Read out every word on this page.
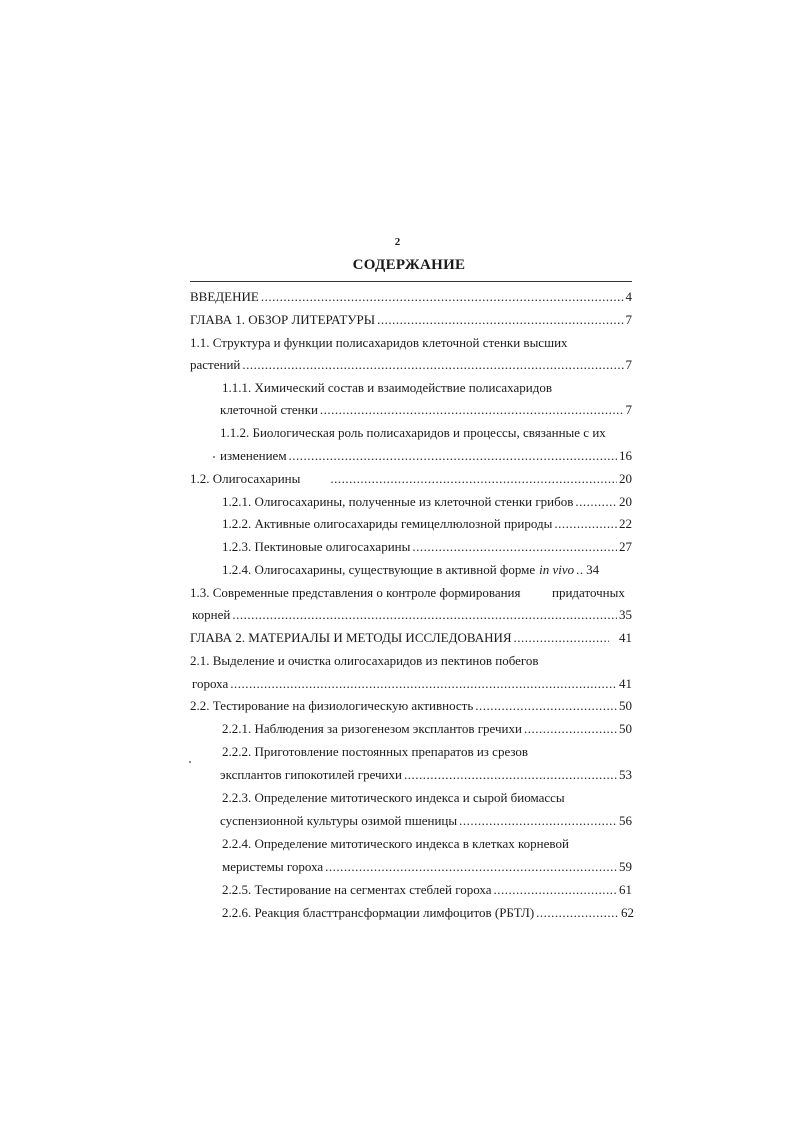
2
СОДЕРЖАНИЕ
ВВЕДЕНИЕ .....	4
ГЛАВА 1. ОБЗОР ЛИТЕРАТУРЫ .....	7
1.1. Структура и функции полисахаридов клеточной стенки высших
растений .....	7
1.1.1. Химический состав и взаимодействие полисахаридов
клеточной стенки .....	7
1.1.2. Биологическая роль полисахаридов и процессы, связанные с их
изменением .....	16
1.2. Олигосахарины .....	20
1.2.1. Олигосахарины, полученные из клеточной стенки грибов .....	20
1.2.2. Активные олигосахариды гемицеллюлозной природы .....	22
1.2.3. Пектиновые олигосахарины .....	27
1.2.4. Олигосахарины, существующие в активной форме in vivo ..... 34
1.3. Современные представления о контроле формирования придаточных
корней .....	35
ГЛАВА 2. МАТЕРИАЛЫ И МЕТОДЫ ИССЛЕДОВАНИЯ .....	41
2.1. Выделение и очистка олигосахаридов из пектинов побегов
гороха .....	41
2.2. Тестирование на физиологическую активность .....	50
2.2.1. Наблюдения за ризогенезом эксплантов гречихи .....	50
2.2.2. Приготовление постоянных препаратов из срезов
эксплантов гипокотилей гречихи .....	53
2.2.3. Определение митотического индекса и сырой биомассы
суспензионной культуры озимой пшеницы .....	56
2.2.4. Определение митотического индекса в клетках корневой
меристемы гороха .....	59
2.2.5. Тестирование на сегментах стеблей гороха .....	61
2.2.6. Реакция бласттрансформации лимфоцитов (РБТЛ) .....	62
